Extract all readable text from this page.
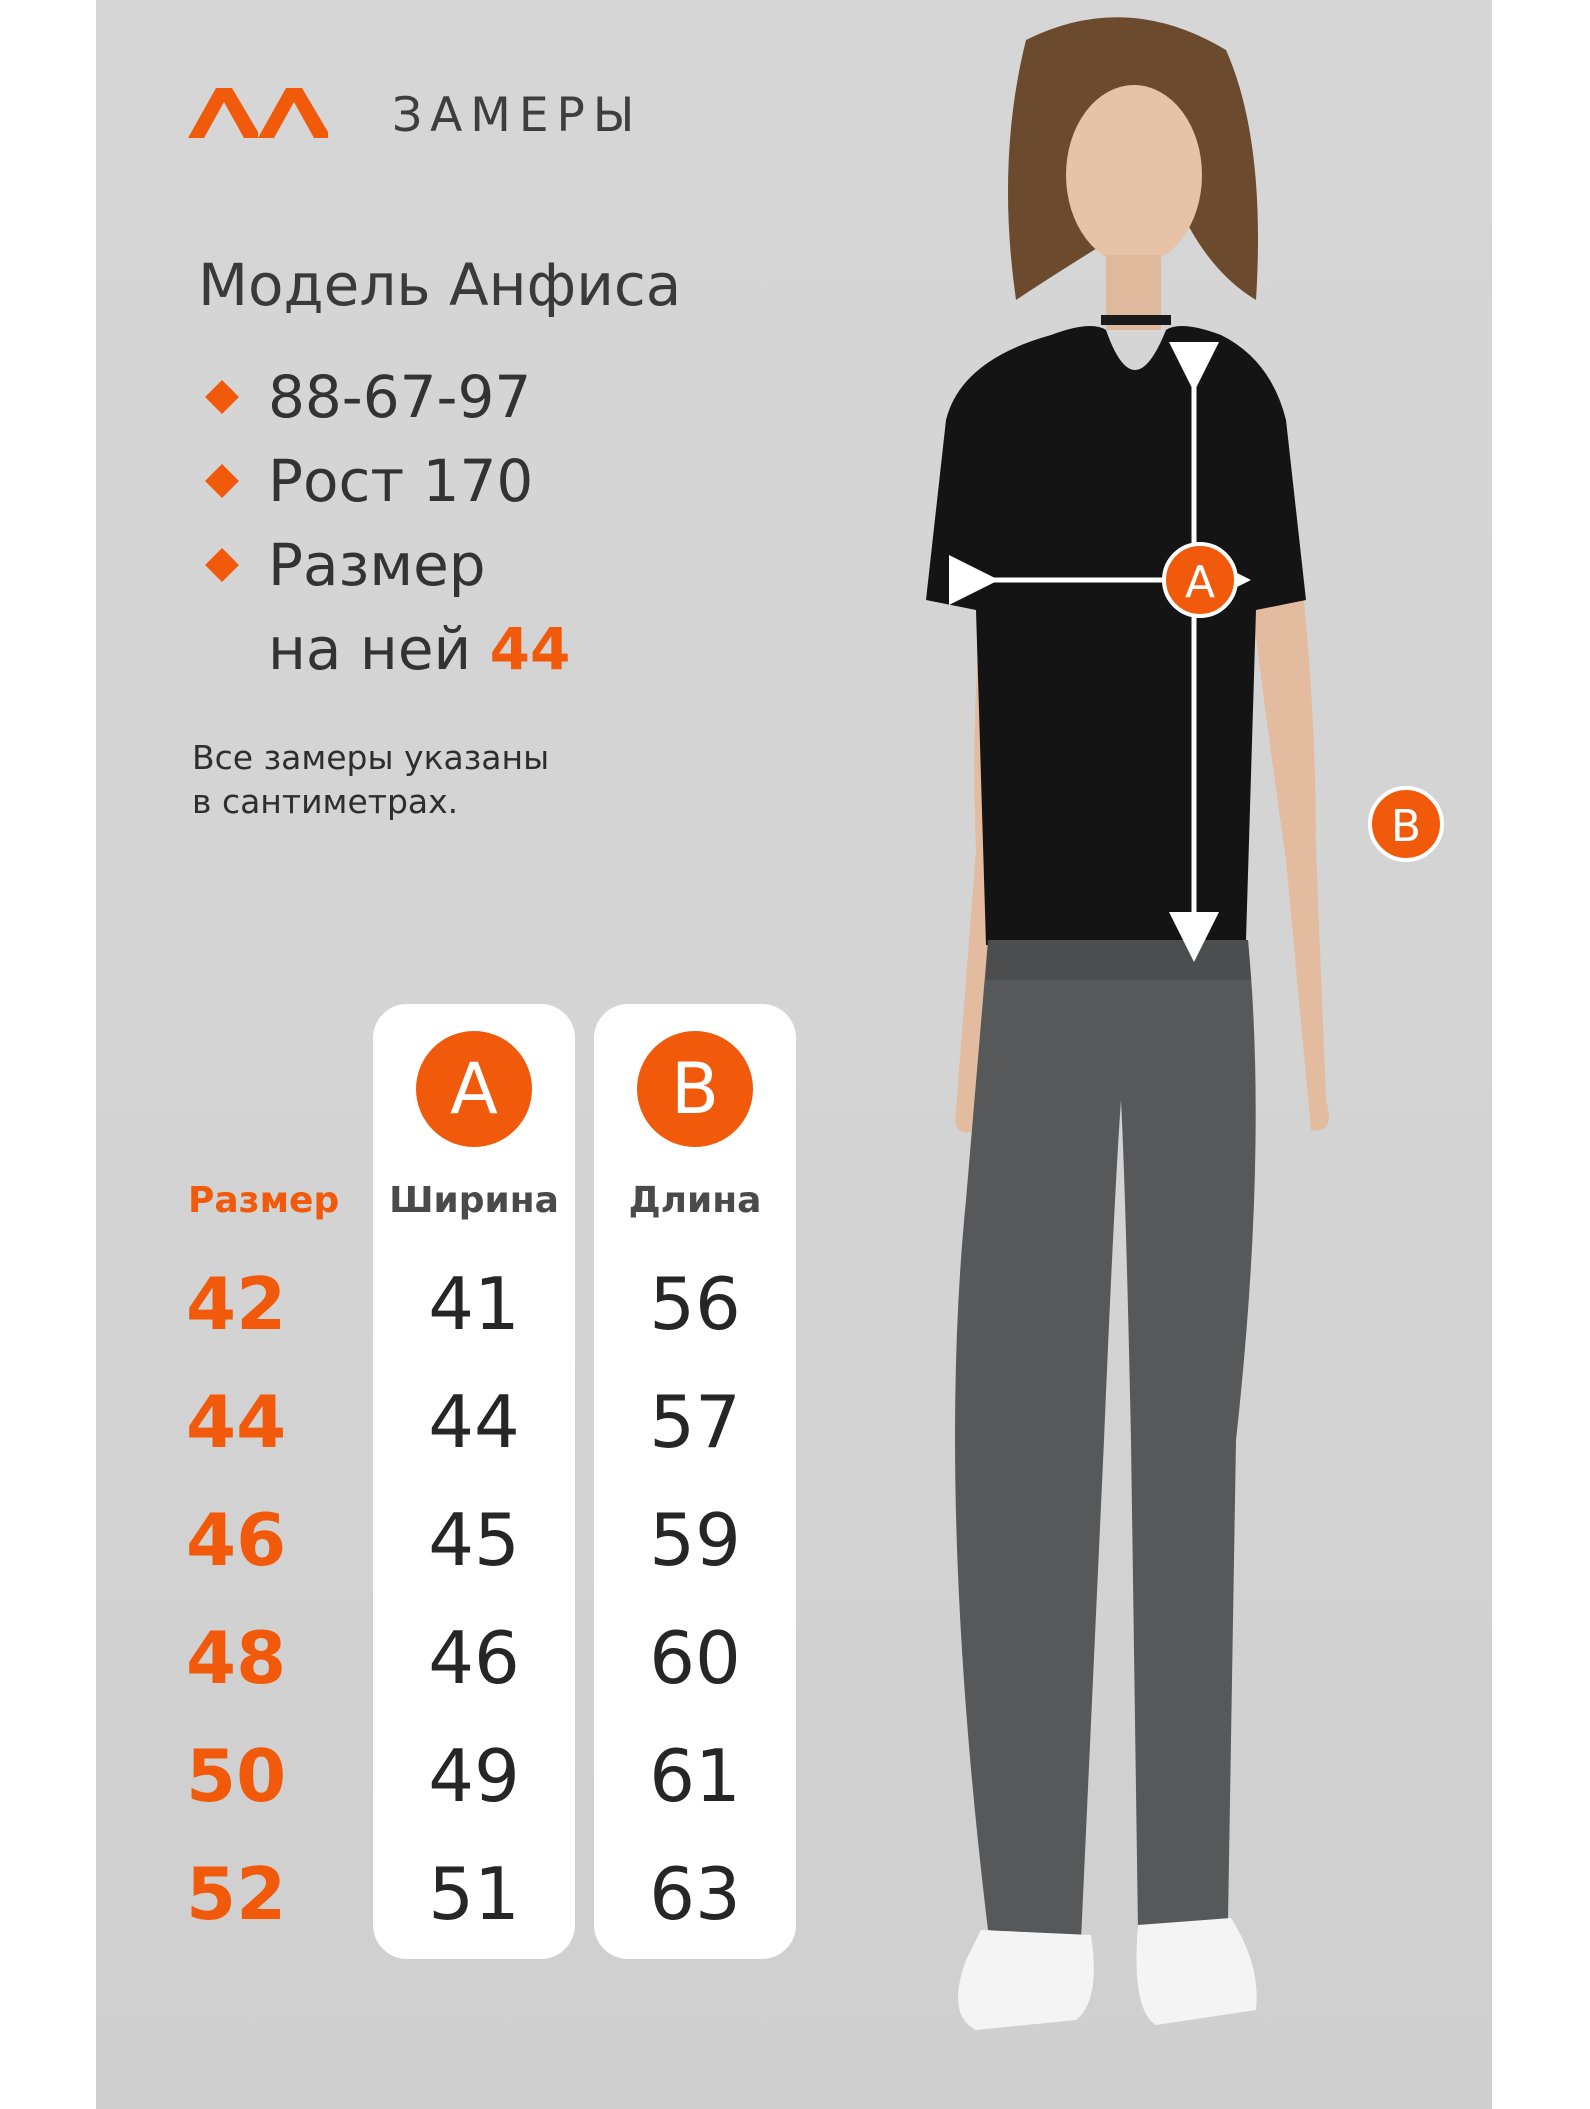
ЗАМЕРЫ
Модель Анфиса
88-67-97
Рост 170
Размер
на ней 44
Все замеры указаны
в сантиметрах.
Размер
42
44
46
48
50
52
A
Ширина
41
44
45
46
49
51
B
Длина
56
57
59
60
61
63
A
B
